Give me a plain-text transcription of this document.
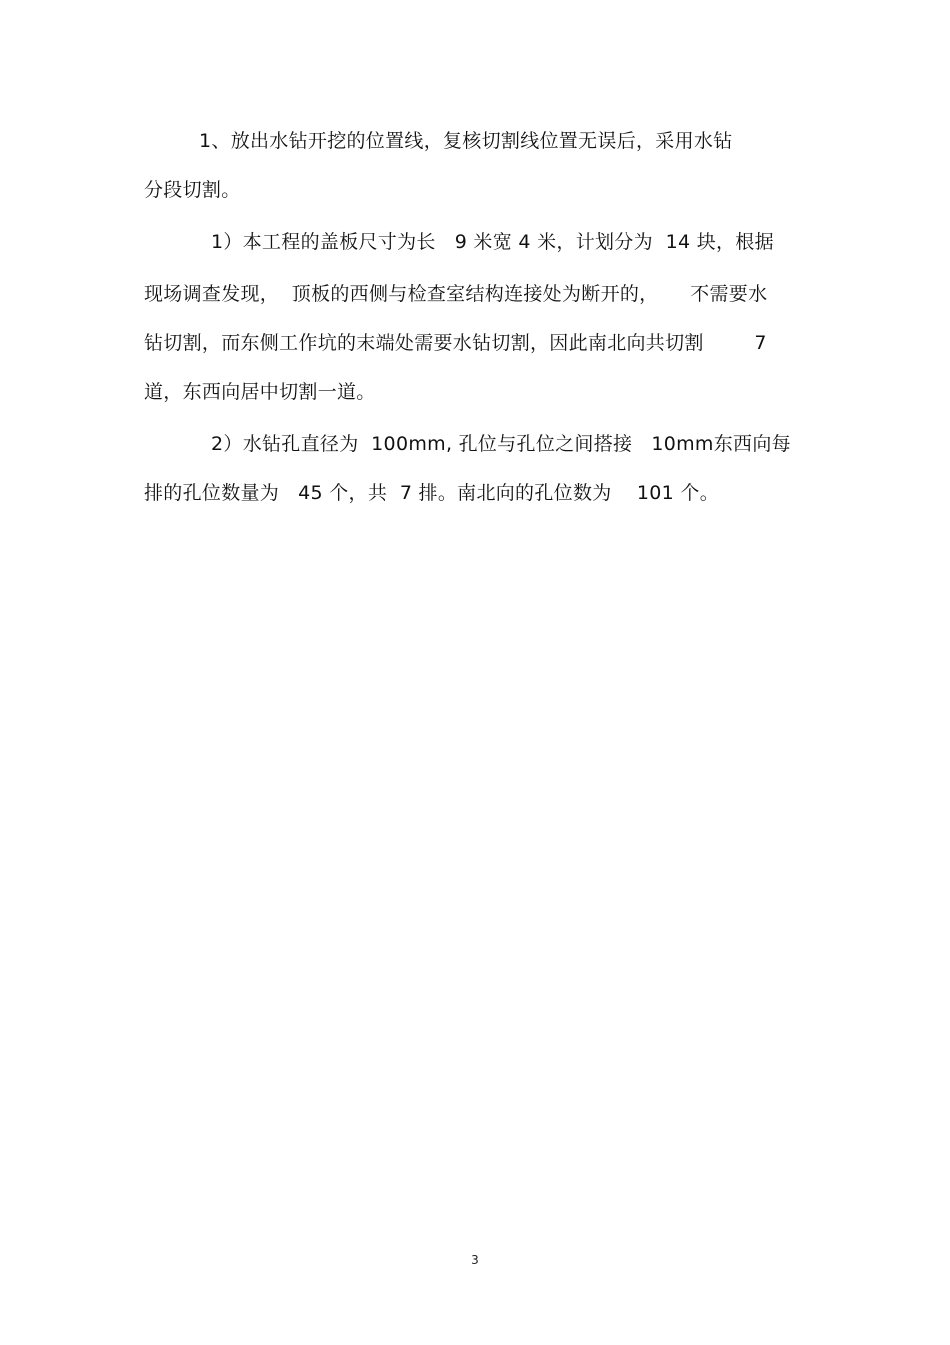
1、放出水钻开挖的位置线，复核切割线位置无误后，采用水钻
分段切割。
1）本工程的盖板尺寸为长   9 米宽 4 米，计划分为  14 块，根据
现场调查发现，  顶板的西侧与检查室结构连接处为断开的，     不需要水
钻切割，而东侧工作坑的末端处需要水钻切割，因此南北向共切割        7
道，东西向居中切割一道。
2）水钻孔直径为  100mm, 孔位与孔位之间搭接   10mm东西向每
排的孔位数量为   45 个，共  7 排。南北向的孔位数为    101 个。
3
